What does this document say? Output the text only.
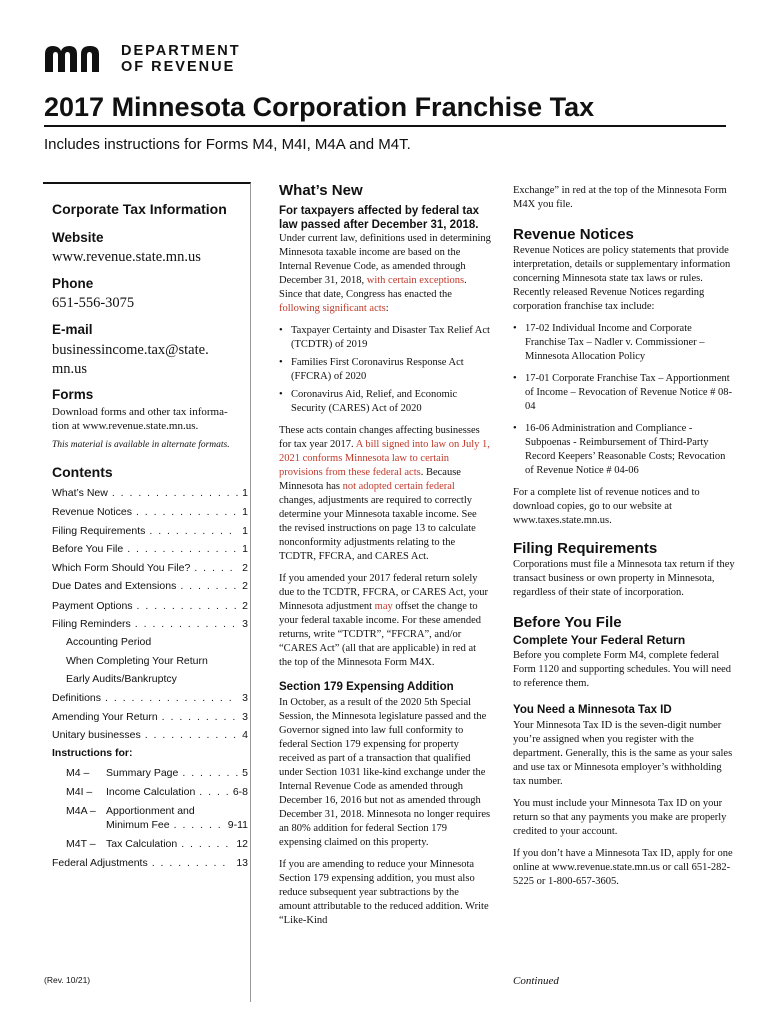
DEPARTMENT
OF REVENUE
2017 Minnesota Corporation Franchise Tax
Includes instructions for Forms M4, M4I, M4A and M4T.
Corporate Tax Information
Website
www.revenue.state.mn.us
Phone
651-556-3075
E-mail
businessincome.tax@state.
mn.us
Forms
Download forms and other tax informa-
tion at www.revenue.state.mn.us.
This material is available in alternate formats.
Contents
What’s New . . .	1
Revenue Notices . . .	1
Filing Requirements . . .	1
Before You File . . .	1
Which Form Should You File? . . .	2
Due Dates and Extensions . . .	2
Payment Options . . .	2
Filing Reminders . . .	3
Accounting Period
When Completing Your Return
Early Audits/Bankruptcy
Definitions . . .	3
Amending Your Return . . .	3
Unitary businesses . . .	4
Instructions for:
M4 –	Summary Page . . .	5
M4I –	Income Calculation . . .	6-8
M4A – Apportionment and
Minimum Fee . . .	9-11
M4T – Tax Calculation . . .	12
Federal Adjustments . . .	13
(Rev. 10/21)
What’s New
For taxpayers affected by federal tax law passed after December 31, 2018.

Under current law, definitions used in determining Minnesota taxable income are based on the Internal Revenue Code, as amended through December 31, 2018, with certain exceptions. Since that date, Congress has enacted the following significant acts:

• Taxpayer Certainty and Disaster Tax Relief Act (TCDTR) of 2019
• Families First Coronavirus Response Act (FFCRA) of 2020
• Coronavirus Aid, Relief, and Economic Security (CARES) Act of 2020

These acts contain changes affecting businesses for tax year 2017. A bill signed into law on July 1, 2021 conforms Minnesota law to certain provisions from these federal acts. Because Minnesota has not adopted certain federal changes, adjustments are required to correctly determine your Minnesota taxable income. See the revised instructions on page 13 to calculate nonconformity adjustments relating to the TCDTR, FFCRA, and CARES Act.

If you amended your 2017 federal return solely due to the TCDTR, FFCRA, or CARES Act, your Minnesota adjustment may offset the change to your federal taxable income. For these amended returns, write “TCDTR”, “FFCRA”, and/or “CARES Act” (all that are applicable) in red at the top of the Minnesota Form M4X.

Section 179 Expensing Addition

In October, as a result of the 2020 5th Special Session, the Minnesota legislature passed and the Governor signed into law full conformity to federal Section 179 expensing for property received as part of a transaction that qualified under Section 1031 like-kind exchange under the Internal Revenue Code as amended through December 16, 2016 but not as amended through December 31, 2018. Minnesota no longer requires an 80% addition for federal Section 179 expensing claimed on this property.

If you are amending to reduce your Minnesota Section 179 expensing addition, you must also reduce subsequent year subtractions by the amount attributable to the reduced addition. Write “Like-Kind

Exchange” in red at the top of the Minnesota Form M4X you file.

Revenue Notices

Revenue Notices are policy statements that provide interpretation, details or supplementary information concerning Minnesota state tax laws or rules. Recently released Revenue Notices regarding corporation franchise tax include:

• 17-02 Individual Income and Corporate Franchise Tax – Nadler v. Commissioner – Minnesota Allocation Policy
• 17-01 Corporate Franchise Tax – Apportionment of Income – Revocation of Revenue Notice # 08-04
• 16-06 Administration and Compliance - Subpoenas - Reimbursement of Third-Party Record Keepers’ Reasonable Costs; Revocation of Revenue Notice # 04-06

For a complete list of revenue notices and to download copies, go to our website at www.taxes.state.mn.us.

Filing Requirements

Corporations must file a Minnesota tax return if they transact business or own property in Minnesota, regardless of their state of incorporation.

Before You File
Complete Your Federal Return

Before you complete Form M4, complete federal Form 1120 and supporting schedules. You will need to reference them.

You Need a Minnesota Tax ID

Your Minnesota Tax ID is the seven-digit number you’re assigned when you register with the department. Generally, this is the same as your sales and use tax or Minnesota employer’s withholding tax number.

You must include your Minnesota Tax ID on your return so that any payments you make are properly credited to your account.

If you don’t have a Minnesota Tax ID, apply for one online at www.revenue.state.mn.us or call 651-282-5225 or 1-800-657-3605.

Continued
